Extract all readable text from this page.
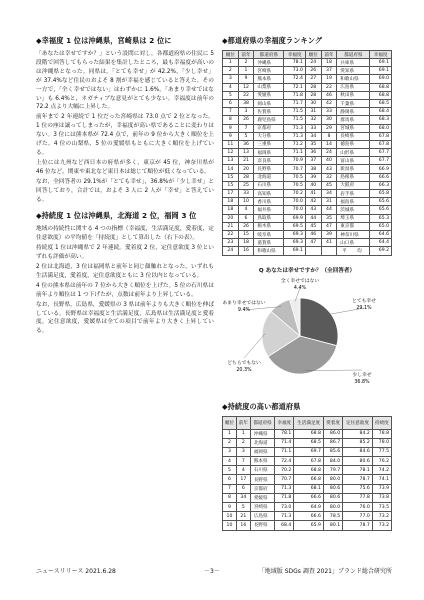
◆幸福度 1 位は沖縄県，宮崎県は 2 位に

「あなたは幸せですか？」という設問に対し，各都道府県の住民に 5 段階で回答してもらった結果を集計したところ，最も幸福度が高いのは沖縄県となった。同県は，「とても幸せ」が 42.2%，「少し幸せ」が 37.4%など住民のおよそ 8 割が幸福を感じていると答えた。その一方で，「全く幸せではない」はわずかに 1.6%，「あまり幸せではない」も 6.4%と，ネガティブな意見がとても少ない。幸福度は前年の 72.2 点より大幅に上昇した。

前年まで 2 年連続で 1 位だった宮崎県は 73.0 点で 2 位となった。1 位の座は譲ってしまったが，幸福度が高い県であることに変わりはない。3 位には熊本県が 72.4 点で，前年の 9 位から大きく順位を上げた。4 位の山梨県，5 位の愛媛県もともに大きく順位を上げている。

上位には九州など西日本の府県が多く，東京が 45 位，神奈川県が 46 位など，関東や東北など東日本は総じて順位が低くなっている。

なお，全回答者の 29.1%が「とても幸せ」，36.8%が「少し幸せ」と回答しており，合計では，およそ 3 人に 2 人が「幸せ」と答えている。

◆持続度 1 位は沖縄県，北海道 2 位，福岡 3 位

地域の持続性に関する 4 つの指標（幸福度，生活満足度，愛着度，定住意欲度）の平均値を「持続度」として算出した（右下の表）。

持続度 1 位は沖縄県で 2 年連続。愛着度 2 位，定住意欲度 3 位といずれも評価が高い。

2 位は北海道，3 位は福岡県と前年と同じ顔触れとなった。いずれも生活満足度，愛着度，定住意欲度ともに 3 位以内となっている。

4 位の熊本県は前年の 7 位から大きく順位を上げた。5 位の石川県は前年より順位は 1 つ下げたが，点数は前年より上昇している。

なお，長野県，広島県，愛媛県の 3 県は前年よりも大きく順位を伸ばしている。長野県は幸福度と生活満足度，広島県は生活満足度と愛着度，定住意欲度，愛媛県は全ての項目で前年より大きく上昇している。

◆都道府県の幸福度ランキング
順位	前年	都道府県	幸福度	順位	前年	都道府県	幸福度
1	2	沖縄県	78.1	24	18	兵庫県	69.1
2	1	宮崎県	73.0	26	37	愛知県	69.1
3	9	熊本県	72.4	27	19	和歌山県	69.0
4	12	山梨県	72.1	28	22	広島県	68.8
5	22	愛媛県	71.8	28	46	秋田県	68.8
6	38	岡山県	71.7	30	42	千葉県	68.5
7	3	佐賀県	71.5	31	33	静岡県	68.4
8	26	鹿児島県	71.5	32	30	群馬県	68.3
9	7	京都府	71.3	33	29	宮城県	68.0
9	5	大分県	71.3	34	8	長崎県	67.8
11	36	三重県	71.2	35	14	徳島県	67.8
12	13	福岡県	71.1	36	24	山形県	67.7
13	21	奈良県	70.9	37	40	富山県	67.7
14	20	長野県	70.7	38	43	新潟県	66.9
15	28	北海道	70.5	39	32	島根県	66.6
15	25	石川県	70.5	40	45	大阪府	66.3
17	33	高知県	70.2	41	34	岩手県	65.8
18	10	香川県	70.0	42	31	福島県	65.6
18	4	福井県	70.0	43	44	茨城県	65.6
20	6	鳥取県	69.9	44	35	埼玉県	65.3
21	26	栃木県	69.5	45	47	東京都	65.0
22	15	岐阜県	69.3	46	39	神奈川県	64.6
23	18	滋賀県	69.3	47	41	山口県	64.4
24	16	和歌山県	69.1			平　均	69.2
Q あなたは幸せですか？（全回答者）
とても幸せ
29.1%
少し幸せ
36.8%
どちらでもない
20.3%
あまり幸せではない
9.4%
全く幸せではない
4.4%
◆持続度の高い都道府県
順位	前年	都道府県	幸福度	生活満足度	愛着度	定住意欲度	持続度
1	1	沖縄県	78.1	68.8	86.0	84.2	78.8
2	2	北海道	71.4	68.5	86.7	85.2	78.0
3	3	福岡県	71.1	69.7	85.6	84.6	77.5
4	7	熊本県	72.4	67.8	84.0	80.6	76.2
5	4	石川県	70.2	68.8	79.7	78.1	74.2
6	17	長野県	70.7	66.8	80.0	78.7	74.1
7	6	京都府	71.3	68.1	80.6	75.6	73.9
8	34	愛媛県	71.8	66.6	80.6	77.8	73.8
9	5	宮崎県	73.0	64.9	80.0	76.0	73.5
10	21	広島県	71.3	66.6	78.5	77.0	73.2
10	16	長野県	68.4	65.9	80.1	78.7	73.2
ニュースリリース 2021.6.28	－3－	「地域版 SDGs 調査 2021」ブランド総合研究所
